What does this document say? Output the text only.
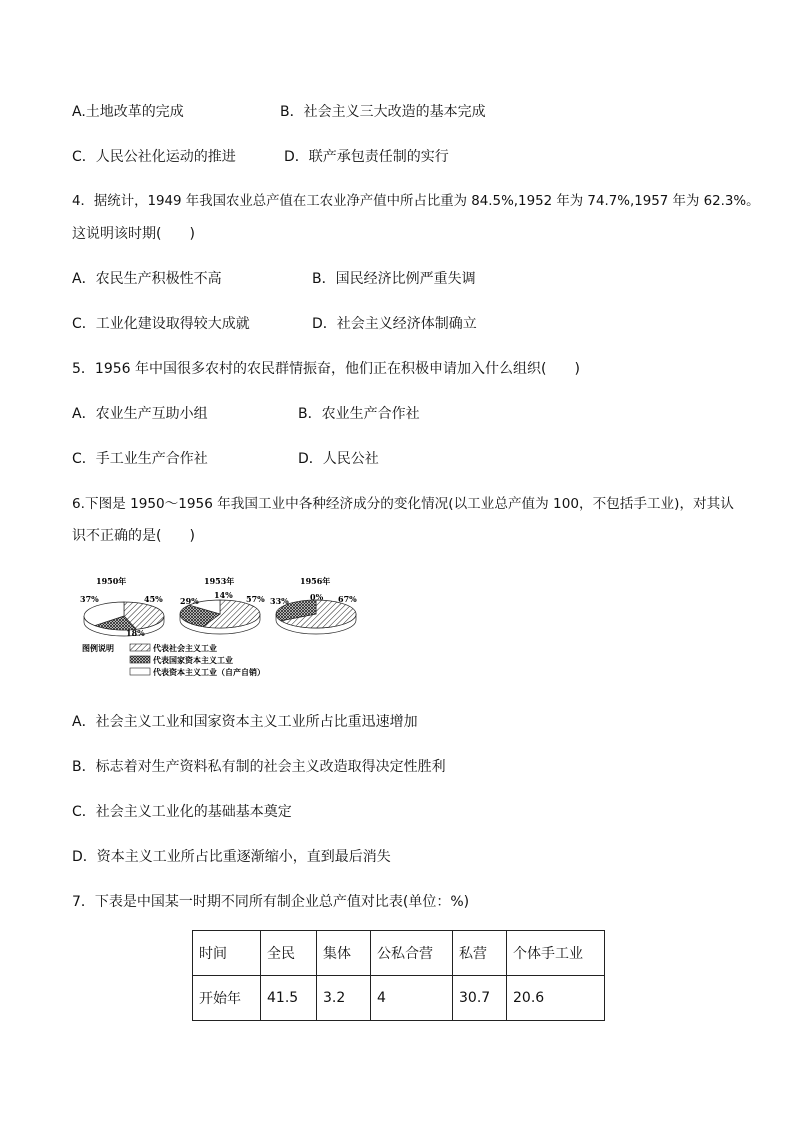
A.土地改革的完成	B．社会主义三大改造的基本完成
C．人民公社化运动的推进	D．联产承包责任制的实行
4．据统计，1949 年我国农业总产值在工农业净产值中所占比重为 84.5%,1952 年为 74.7%,1957 年为 62.3%。
这说明该时期(　　)
A．农民生产积极性不高	B．国民经济比例严重失调
C．工业化建设取得较大成就	D．社会主义经济体制确立
5．1956 年中国很多农村的农民群情振奋，他们正在积极申请加入什么组织(　　)
A．农业生产互助小组	B．农业生产合作社
C．手工业生产合作社	D．人民公社
6.下图是 1950～1956 年我国工业中各种经济成分的变化情况(以工业总产值为 100，不包括手工业)，对其认
识不正确的是(　　)
1950年
45%
18%
37%
1953年
57%
29%
14%
1956年
67%
33%	0%
图例说明	代表社会主义工业
代表国家资本主义工业
代表资本主义工业（自产自销）
A．社会主义工业和国家资本主义工业所占比重迅速增加
B．标志着对生产资料私有制的社会主义改造取得决定性胜利
C．社会主义工业化的基础基本奠定
D．资本主义工业所占比重逐渐缩小，直到最后消失
7．下表是中国某一时期不同所有制企业总产值对比表(单位：%)
时间	全民	集体	公私合营	私营	个体手工业
开始年	41.5	3.2	4	30.7	20.6
